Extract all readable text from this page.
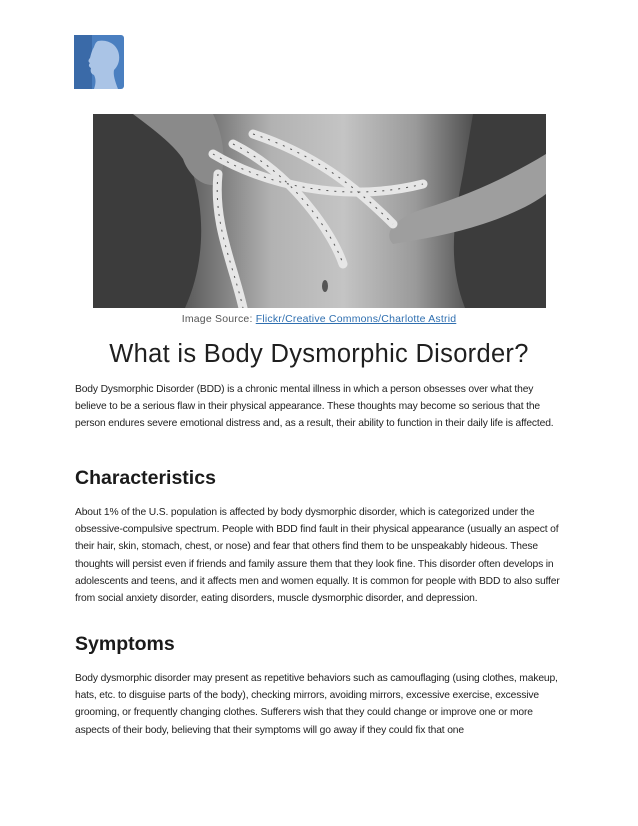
Image Source: Flickr/Creative Commons/Charlotte Astrid
What is Body Dysmorphic Disorder?

Body Dysmorphic Disorder (BDD) is a chronic mental illness in which a person obsesses over what they believe to be a serious flaw in their physical appearance. These thoughts may become so serious that the person endures severe emotional distress and, as a result, their ability to function in their daily life is affected.

Characteristics

About 1% of the U.S. population is affected by body dysmorphic disorder, which is categorized under the obsessive-compulsive spectrum. People with BDD find fault in their physical appearance (usually an aspect of their hair, skin, stomach, chest, or nose) and fear that others find them to be unspeakably hideous. These thoughts will persist even if friends and family assure them that they look fine. This disorder often develops in adolescents and teens, and it affects men and women equally. It is common for people with BDD to also suffer from social anxiety disorder, eating disorders, muscle dysmorphic disorder, and depression.

Symptoms

Body dysmorphic disorder may present as repetitive behaviors such as camouflaging (using clothes, makeup, hats, etc. to disguise parts of the body), checking mirrors, avoiding mirrors, excessive exercise, excessive grooming, or frequently changing clothes. Sufferers wish that they could change or improve one or more aspects of their body, believing that their symptoms will go away if they could fix that one
